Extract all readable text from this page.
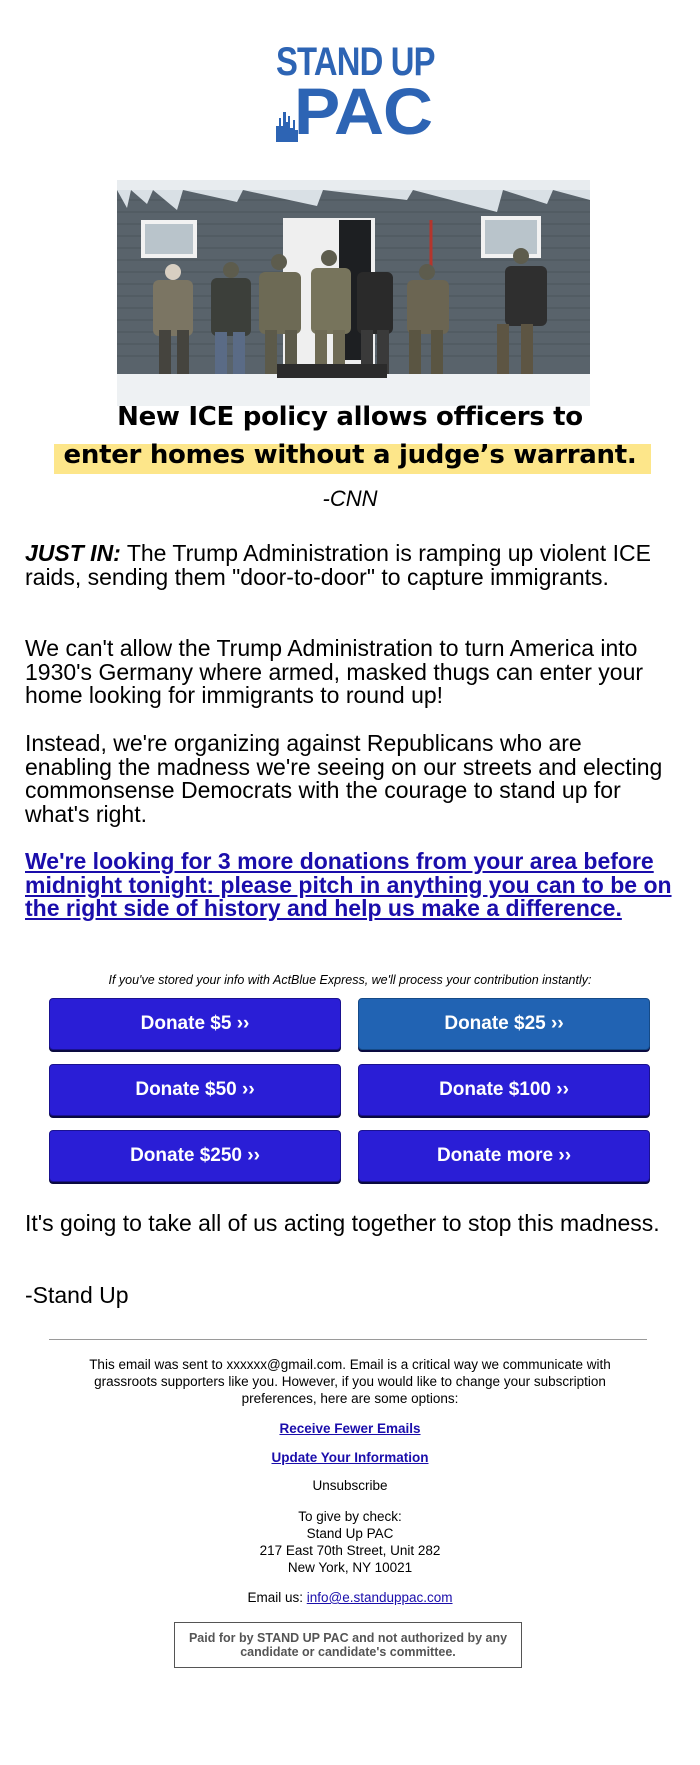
STAND UP
PAC
New ICE policy allows officers to
enter homes without a judge’s warrant.
-CNN
JUST IN: The Trump Administration is ramping up violent ICE raids, sending them "door-to-door" to capture immigrants.
We can't allow the Trump Administration to turn America into 1930's Germany where armed, masked thugs can enter your home looking for immigrants to round up!
Instead, we're organizing against Republicans who are enabling the madness we're seeing on our streets and electing commonsense Democrats with the courage to stand up for what's right.
We're looking for 3 more donations from your area before midnight tonight: please pitch in anything you can to be on the right side of history and help us make a difference.
If you've stored your info with ActBlue Express, we'll process your contribution instantly:
Donate $5 ››	Donate $25 ››
Donate $50 ››	Donate $100 ››
Donate $250 ››	Donate more ››
It's going to take all of us acting together to stop this madness.
-Stand Up
This email was sent to xxxxxx@gmail.com. Email is a critical way we communicate with grassroots supporters like you. However, if you would like to change your subscription preferences, here are some options:
Receive Fewer Emails
Update Your Information
Unsubscribe
To give by check:
Stand Up PAC
217 East 70th Street, Unit 282
New York, NY 10021
Email us: info@e.standuppac.com
Paid for by STAND UP PAC and not authorized by any candidate or candidate's committee.
